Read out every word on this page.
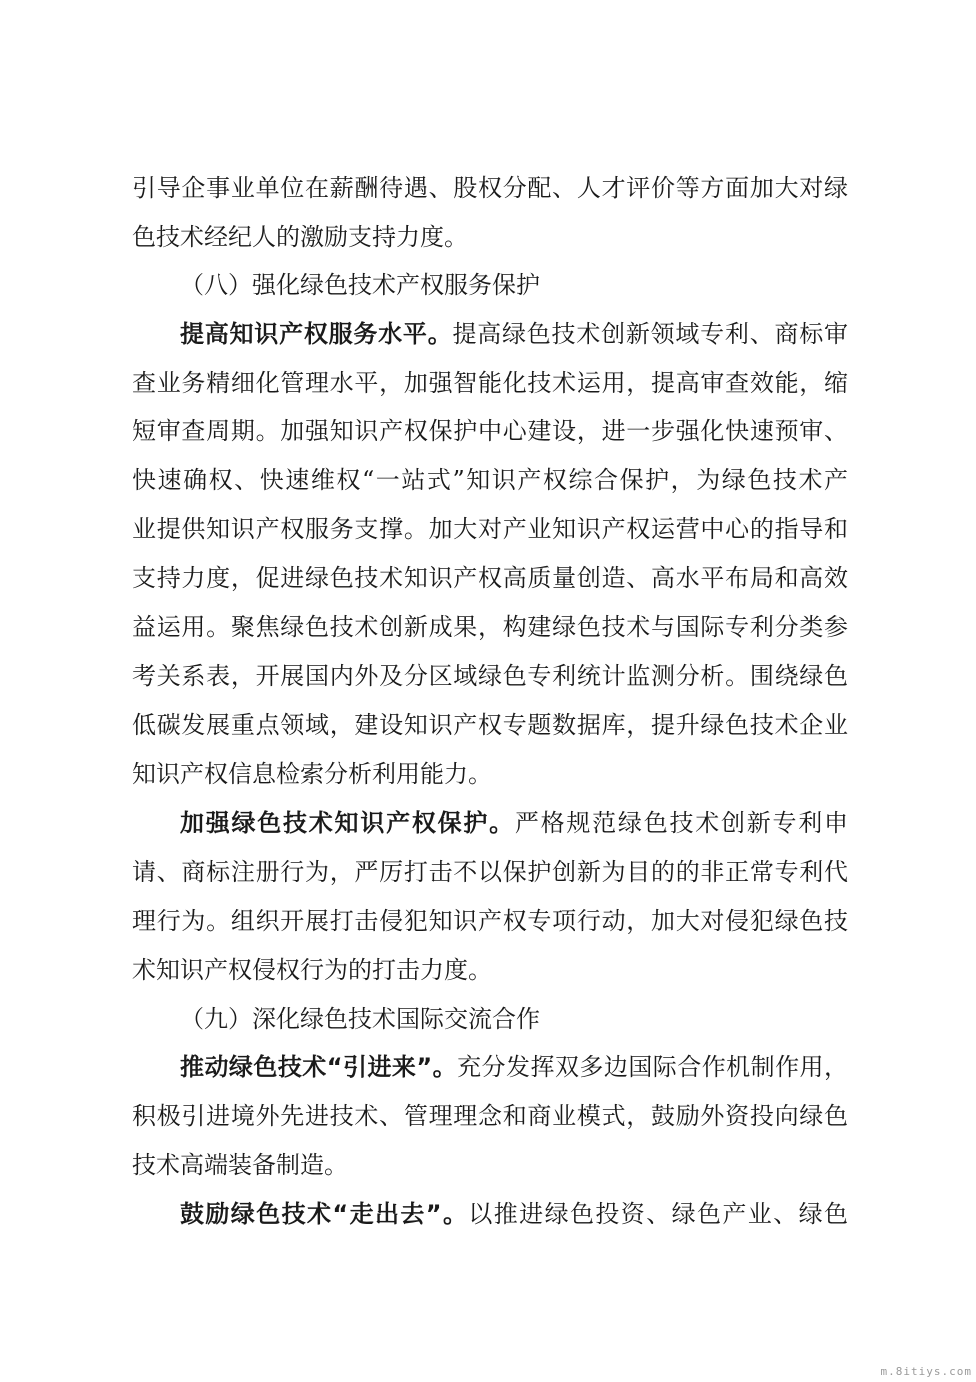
引导企事业单位在薪酬待遇、股权分配、人才评价等方面加大对绿
色技术经纪人的激励支持力度。
（八）强化绿色技术产权服务保护
提高知识产权服务水平。提高绿色技术创新领域专利、商标审
查业务精细化管理水平，加强智能化技术运用，提高审查效能，缩
短审查周期。加强知识产权保护中心建设，进一步强化快速预审、
快速确权、快速维权“一站式”知识产权综合保护，为绿色技术产
业提供知识产权服务支撑。加大对产业知识产权运营中心的指导和
支持力度，促进绿色技术知识产权高质量创造、高水平布局和高效
益运用。聚焦绿色技术创新成果，构建绿色技术与国际专利分类参
考关系表，开展国内外及分区域绿色专利统计监测分析。围绕绿色
低碳发展重点领域，建设知识产权专题数据库，提升绿色技术企业
知识产权信息检索分析利用能力。
加强绿色技术知识产权保护。严格规范绿色技术创新专利申
请、商标注册行为，严厉打击不以保护创新为目的的非正常专利代
理行为。组织开展打击侵犯知识产权专项行动，加大对侵犯绿色技
术知识产权侵权行为的打击力度。
（九）深化绿色技术国际交流合作
推动绿色技术“引进来”。充分发挥双多边国际合作机制作用，
积极引进境外先进技术、管理理念和商业模式，鼓励外资投向绿色
技术高端装备制造。
鼓励绿色技术“走出去”。以推进绿色投资、绿色产业、绿色
m.8itiys.com
